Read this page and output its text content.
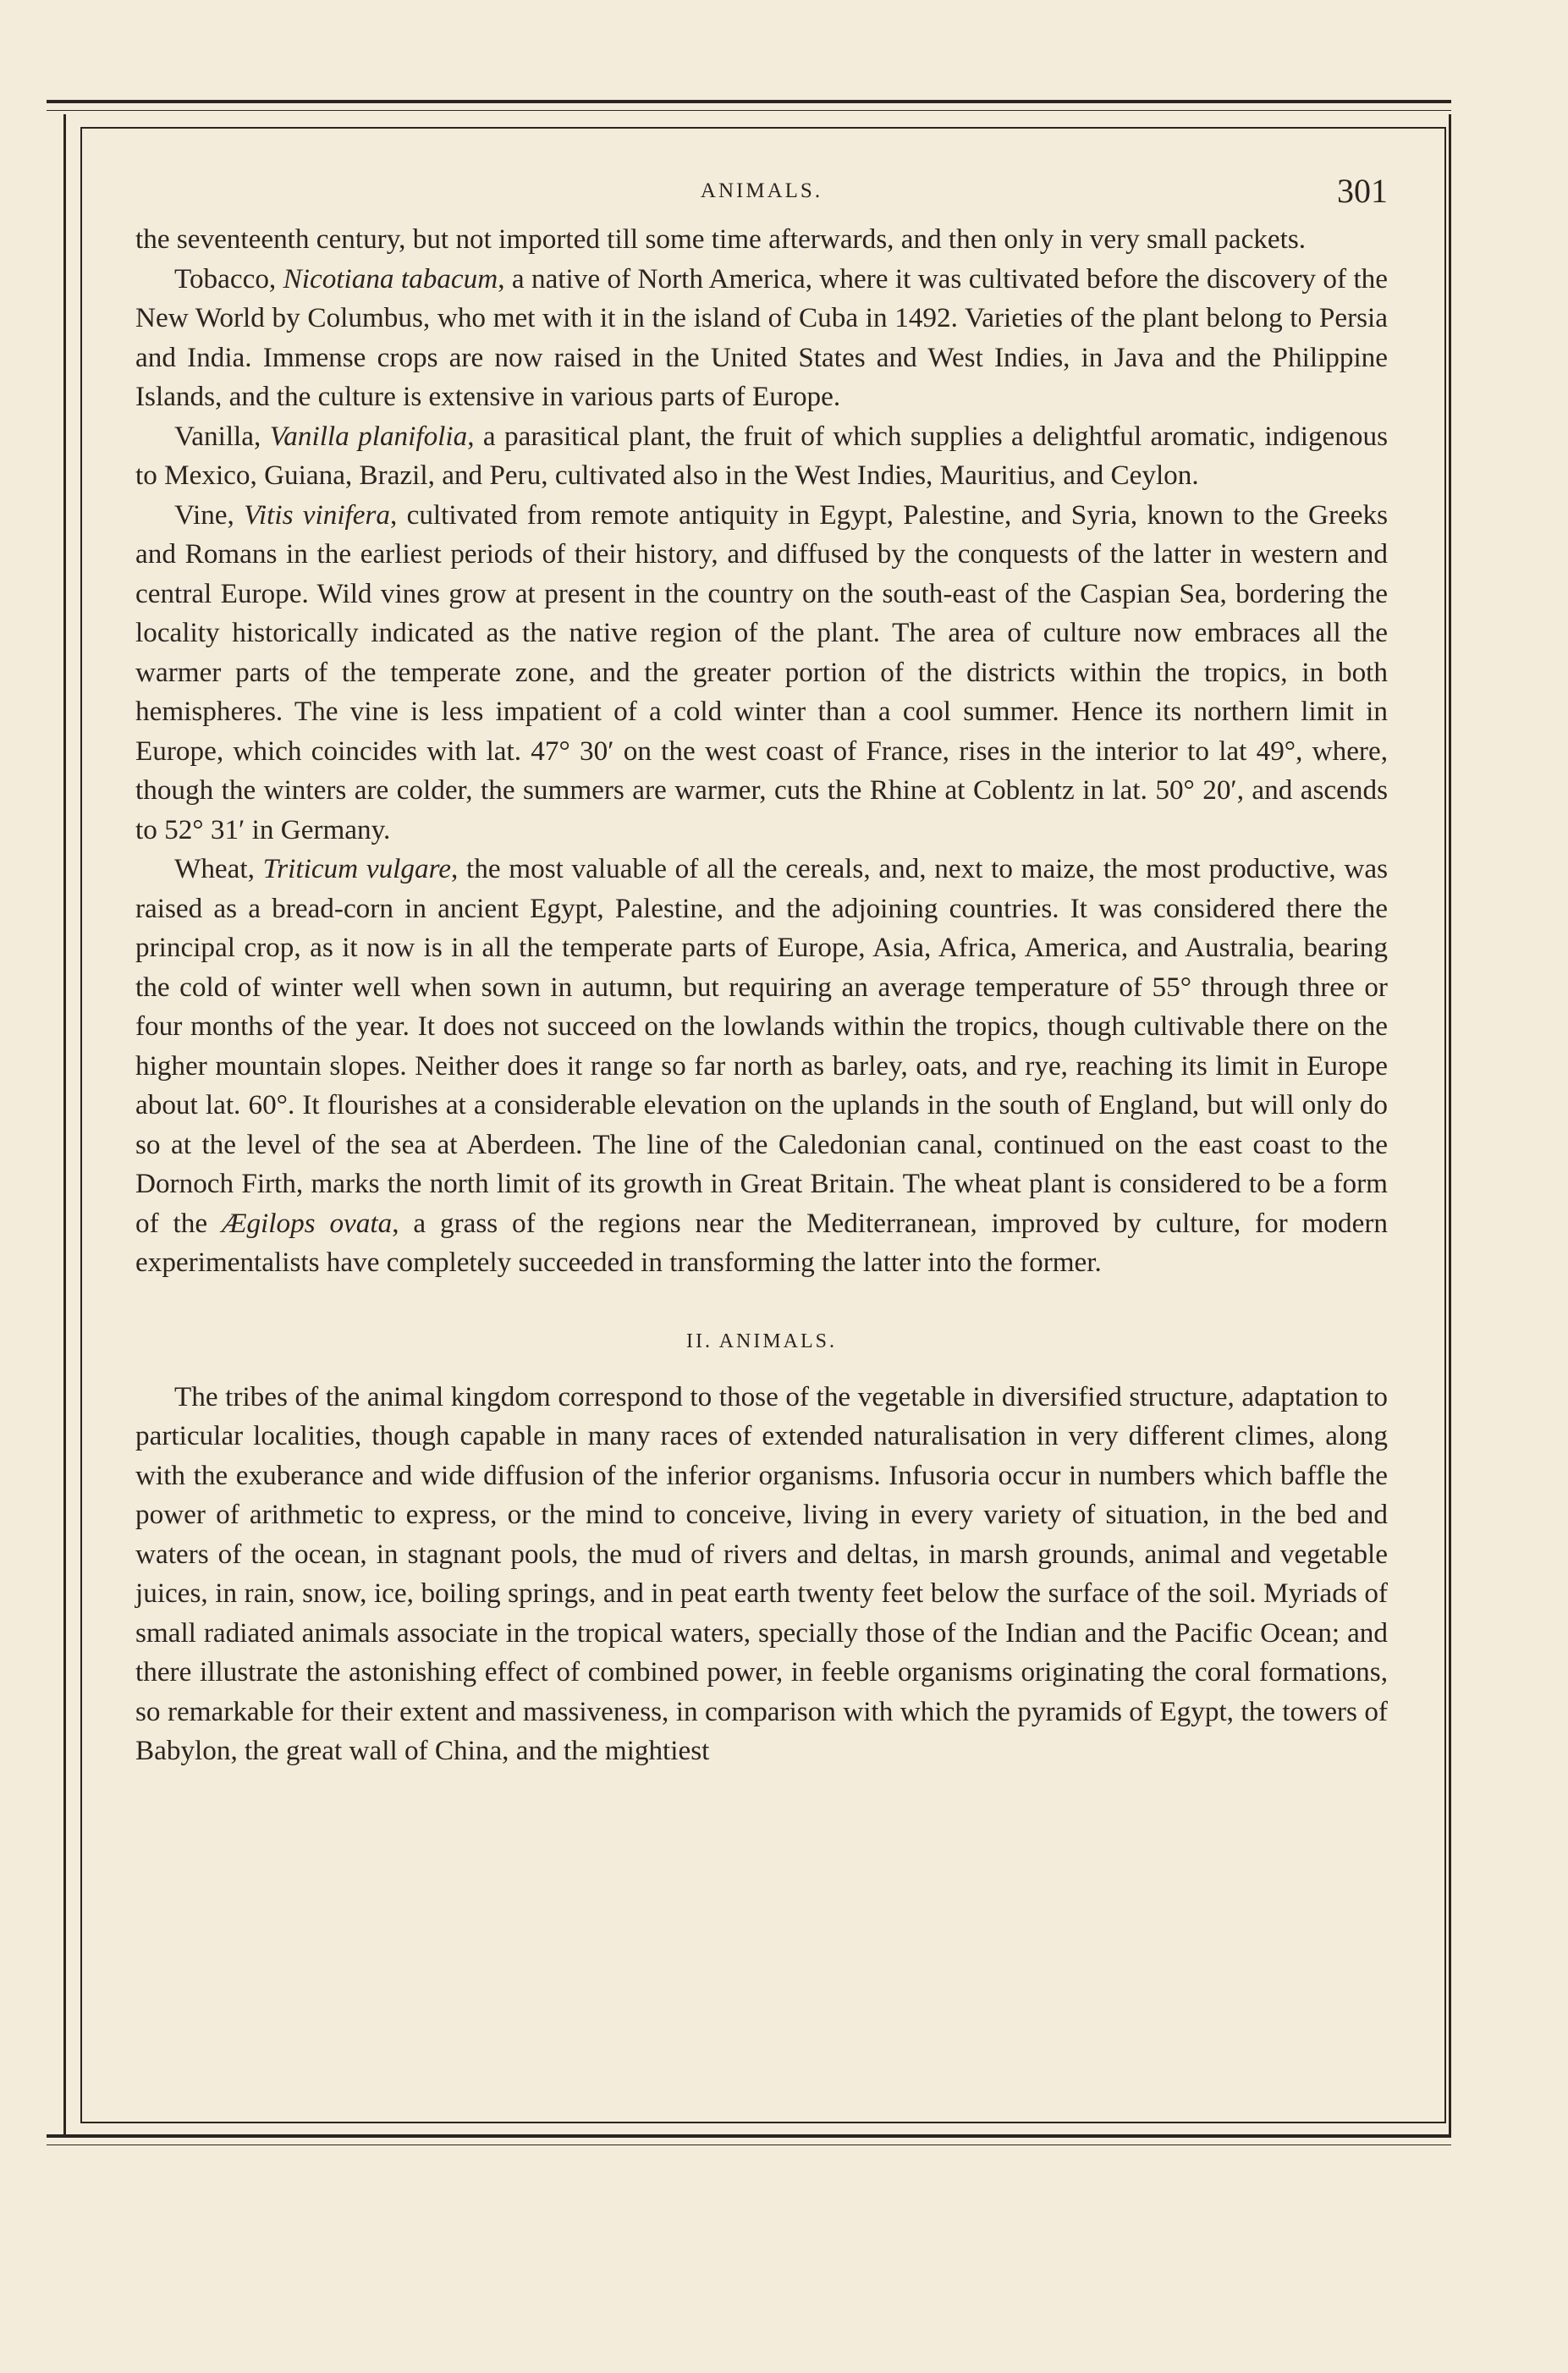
ANIMALS.	301

the seventeenth century, but not imported till some time afterwards, and then only in very small packets.

Tobacco, Nicotiana tabacum, a native of North America, where it was cultivated before the discovery of the New World by Columbus, who met with it in the island of Cuba in 1492. Varieties of the plant belong to Persia and India. Immense crops are now raised in the United States and West Indies, in Java and the Philippine Islands, and the culture is extensive in various parts of Europe.

Vanilla, Vanilla planifolia, a parasitical plant, the fruit of which supplies a delightful aromatic, indigenous to Mexico, Guiana, Brazil, and Peru, cultivated also in the West Indies, Mauritius, and Ceylon.

Vine, Vitis vinifera, cultivated from remote antiquity in Egypt, Palestine, and Syria, known to the Greeks and Romans in the earliest periods of their history, and diffused by the conquests of the latter in western and central Europe. Wild vines grow at present in the country on the south-east of the Caspian Sea, bordering the locality historically indicated as the native region of the plant. The area of culture now embraces all the warmer parts of the temperate zone, and the greater portion of the districts within the tropics, in both hemispheres. The vine is less impatient of a cold winter than a cool summer. Hence its northern limit in Europe, which coincides with lat. 47° 30′ on the west coast of France, rises in the interior to lat 49°, where, though the winters are colder, the summers are warmer, cuts the Rhine at Coblentz in lat. 50° 20′, and ascends to 52° 31′ in Germany.

Wheat, Triticum vulgare, the most valuable of all the cereals, and, next to maize, the most productive, was raised as a bread-corn in ancient Egypt, Palestine, and the adjoining countries. It was considered there the principal crop, as it now is in all the temperate parts of Europe, Asia, Africa, America, and Australia, bearing the cold of winter well when sown in autumn, but requiring an average temperature of 55° through three or four months of the year. It does not succeed on the lowlands within the tropics, though cultivable there on the higher mountain slopes. Neither does it range so far north as barley, oats, and rye, reaching its limit in Europe about lat. 60°. It flourishes at a considerable elevation on the uplands in the south of England, but will only do so at the level of the sea at Aberdeen. The line of the Caledonian canal, continued on the east coast to the Dornoch Firth, marks the north limit of its growth in Great Britain. The wheat plant is considered to be a form of the Ægilops ovata, a grass of the regions near the Mediterranean, improved by culture, for modern experimentalists have completely succeeded in transforming the latter into the former.

II. ANIMALS.

The tribes of the animal kingdom correspond to those of the vegetable in diversified structure, adaptation to particular localities, though capable in many races of extended naturalisation in very different climes, along with the exuberance and wide diffusion of the inferior organisms. Infusoria occur in numbers which baffle the power of arithmetic to express, or the mind to conceive, living in every variety of situation, in the bed and waters of the ocean, in stagnant pools, the mud of rivers and deltas, in marsh grounds, animal and vegetable juices, in rain, snow, ice, boiling springs, and in peat earth twenty feet below the surface of the soil. Myriads of small radiated animals associate in the tropical waters, specially those of the Indian and the Pacific Ocean; and there illustrate the astonishing effect of combined power, in feeble organisms originating the coral formations, so remarkable for their extent and massiveness, in comparison with which the pyramids of Egypt, the towers of Babylon, the great wall of China, and the mightiest
